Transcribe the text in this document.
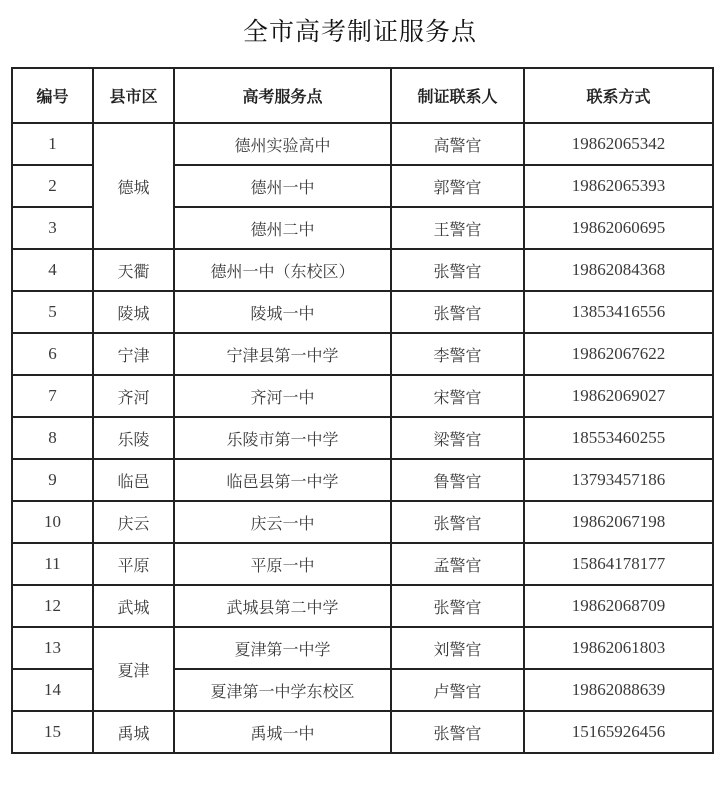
全市高考制证服务点
编号	县市区	高考服务点	制证联系人	联系方式
1	德城	德州实验高中	高警官	19862065342
2		德州一中	郭警官	19862065393
3		德州二中	王警官	19862060695
4	天衢	德州一中（东校区）	张警官	19862084368
5	陵城	陵城一中	张警官	13853416556
6	宁津	宁津县第一中学	李警官	19862067622
7	齐河	齐河一中	宋警官	19862069027
8	乐陵	乐陵市第一中学	梁警官	18553460255
9	临邑	临邑县第一中学	鲁警官	13793457186
10	庆云	庆云一中	张警官	19862067198
11	平原	平原一中	孟警官	15864178177
12	武城	武城县第二中学	张警官	19862068709
13	夏津	夏津第一中学	刘警官	19862061803
14		夏津第一中学东校区	卢警官	19862088639
15	禹城	禹城一中	张警官	15165926456
